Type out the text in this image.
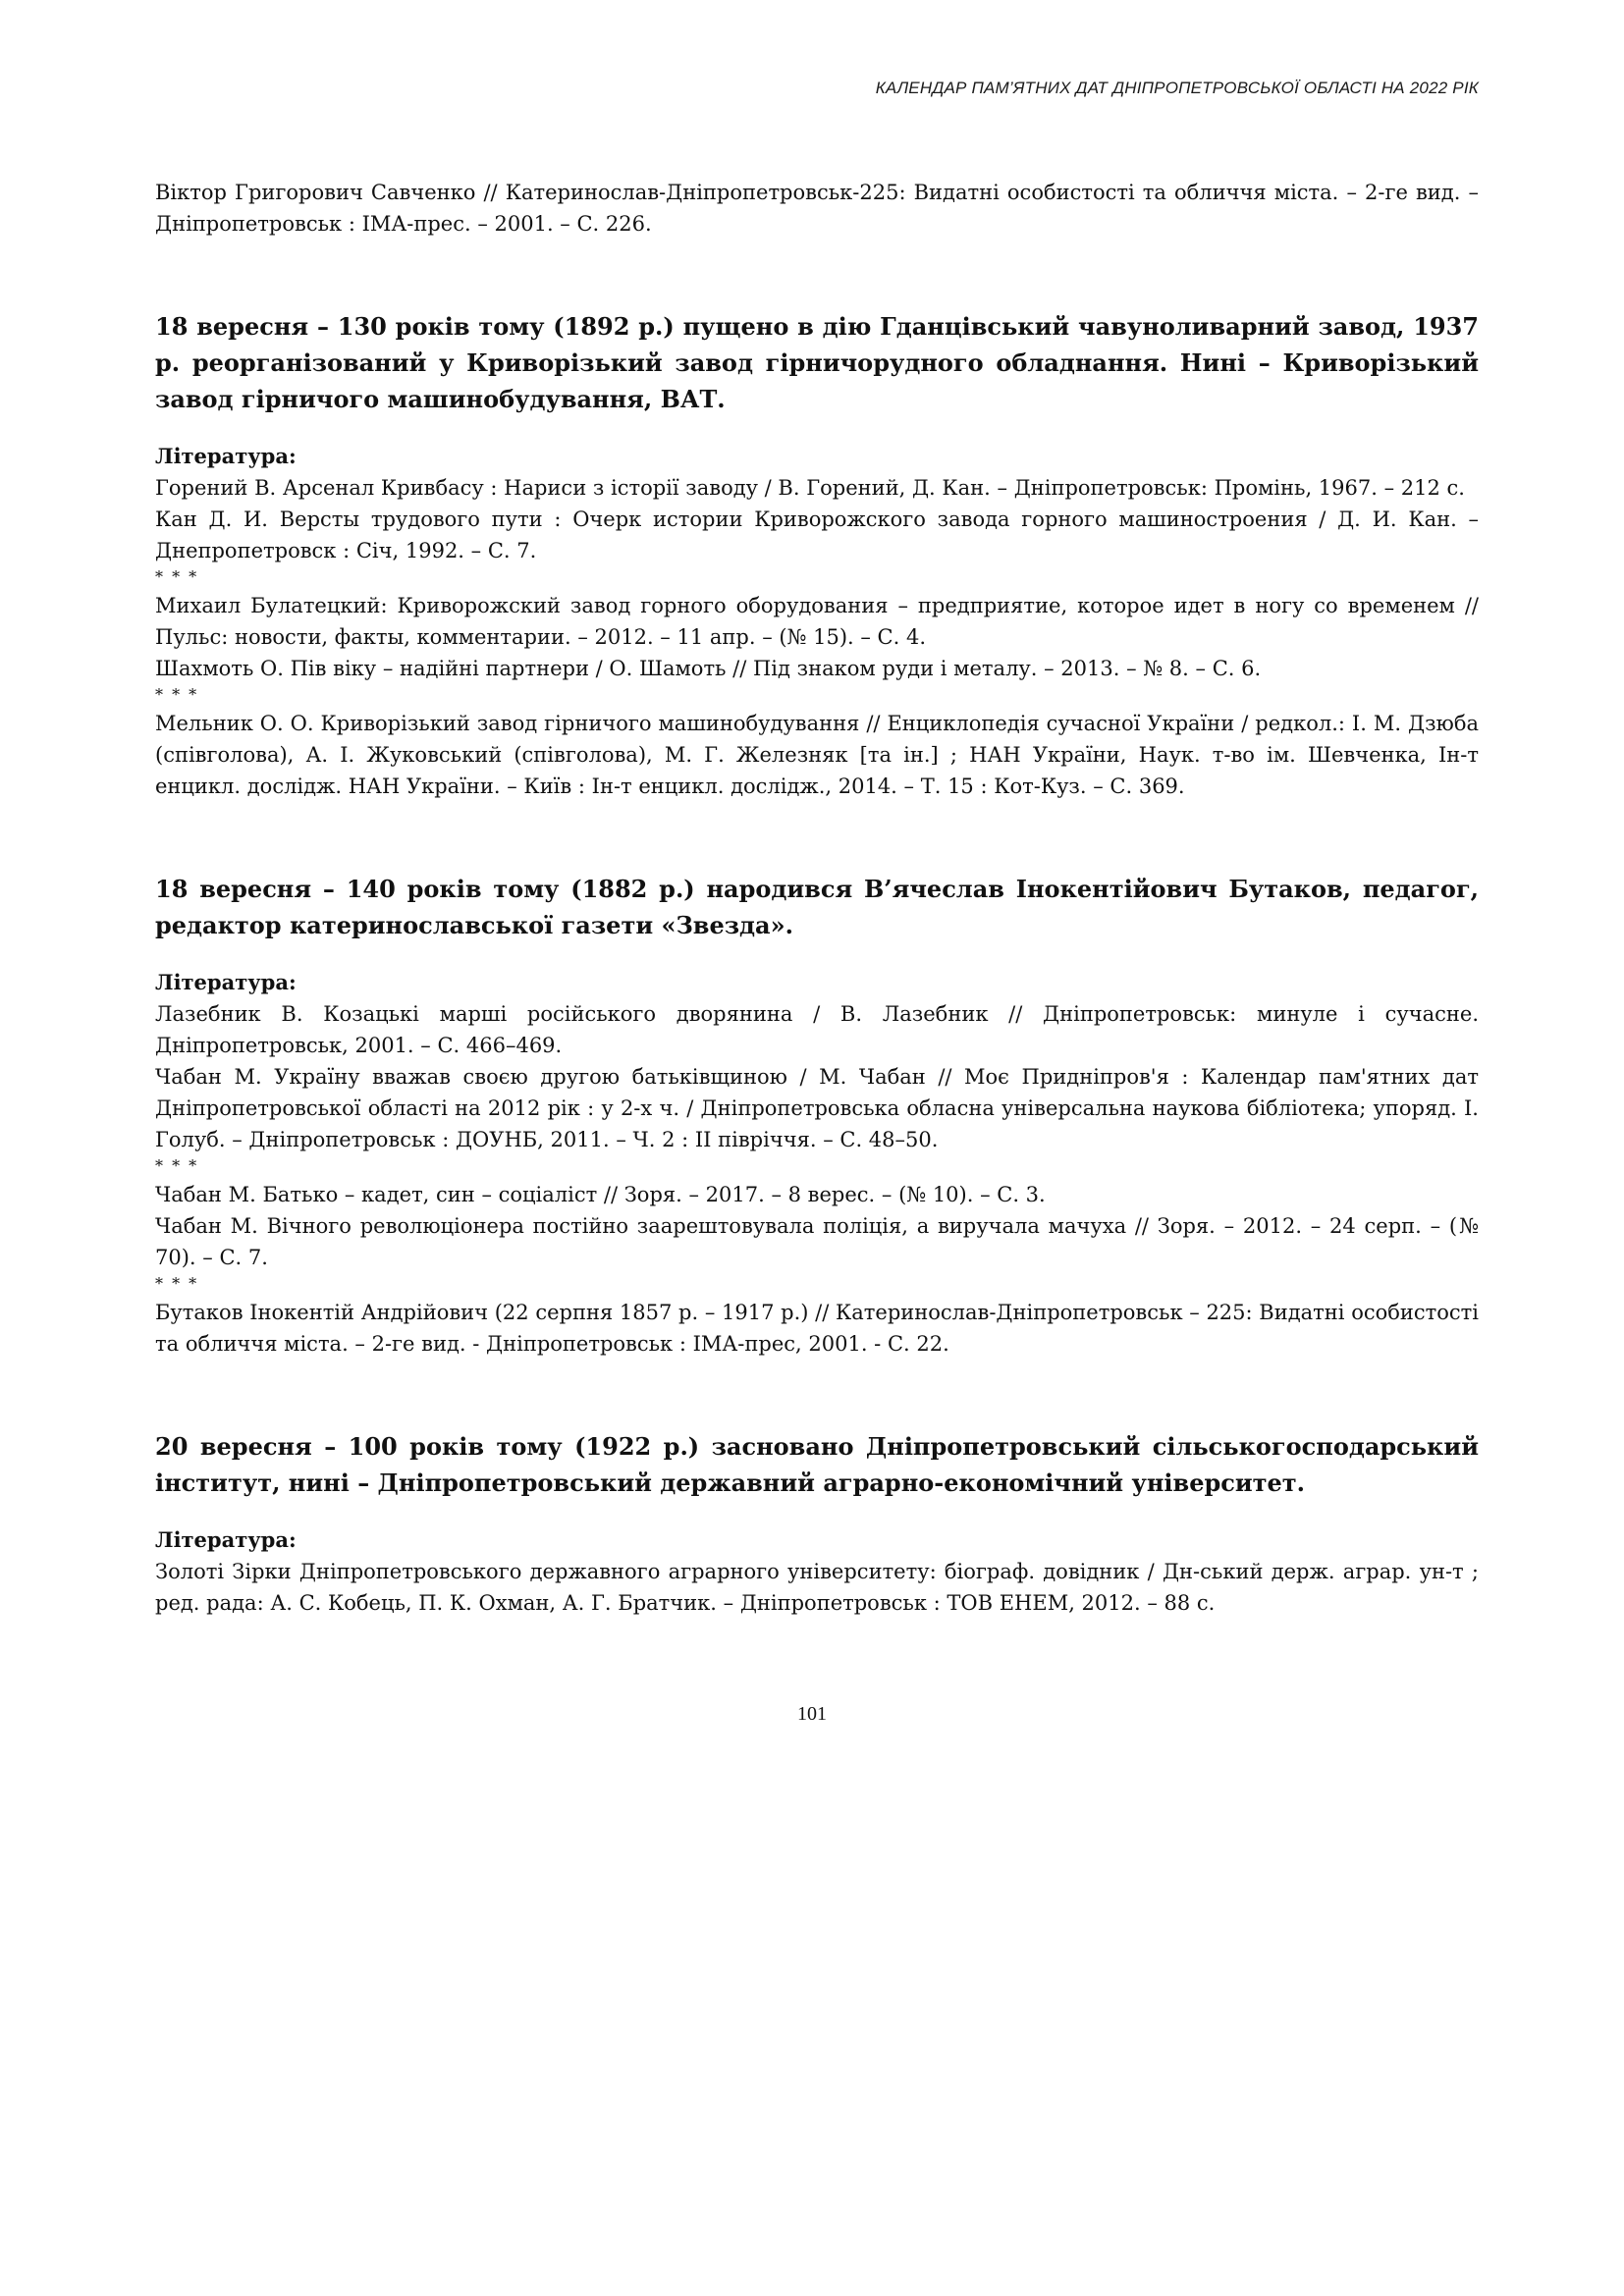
КАЛЕНДАР ПАМ’ЯТНИХ ДАТ ДНІПРОПЕТРОВСЬКОЇ ОБЛАСТІ НА 2022 РІК

Віктор Григорович Савченко // Катеринослав-Дніпропетровськ-225: Видатні особистості та обличчя міста. – 2-ге вид. – Дніпропетровськ : ІМА-прес. – 2001. – С. 226.

18 вересня – 130 років тому (1892 р.) пущено в дію Гданцівський чавуноливарний завод, 1937 р. реорганізований у Криворізький завод гірничорудного обладнання. Нині – Криворізький завод гірничого машинобудування, ВАТ.

Література:

Горений В. Арсенал Кривбасу : Нариси з історії заводу / В. Горений, Д. Кан. – Дніпропетровськ: Промінь, 1967. – 212 с.

Кан Д. И. Версты трудового пути : Очерк истории Криворожского завода горного машиностроения / Д. И. Кан. – Днепропетровск : Січ, 1992. – С. 7.

* * *

Михаил Булатецкий: Криворожский завод горного оборудования – предприятие, которое идет в ногу со временем // Пульс: новости, факты, комментарии. – 2012. – 11 апр. – (№ 15). – С. 4.

Шахмоть О. Пів віку – надійні партнери / О. Шамоть // Під знаком руди і металу. – 2013. – № 8. – С. 6.

* * *

Мельник О. О. Криворізький завод гірничого машинобудування // Енциклопедія сучасної України / редкол.: І. М. Дзюба (співголова), А. І. Жуковський (співголова), М. Г. Железняк [та ін.] ; НАН України, Наук. т-во ім. Шевченка, Ін-т енцикл. дослідж. НАН України. – Київ : Ін-т енцикл. дослідж., 2014. – Т. 15 : Кот-Куз. – С. 369.

18 вересня – 140 років тому (1882 р.) народився В’ячеслав Інокентійович Бутаков, педагог, редактор катеринославської газети «Звезда».

Література:

Лазебник В. Козацькі марші російського дворянина / В. Лазебник // Дніпропетровськ: минуле і сучасне. Дніпропетровськ, 2001. – С. 466–469.

Чабан М. Україну вважав своєю другою батьківщиною / М. Чабан // Моє Придніпров'я : Календар пам'ятних дат Дніпропетровської області на 2012 рік : у 2-х ч. / Дніпропетровська обласна універсальна наукова бібліотека; упоряд. І. Голуб. – Дніпропетровськ : ДОУНБ, 2011. – Ч. 2 : ІІ півріччя. – С. 48–50.

* * *

Чабан М. Батько – кадет, син – соціаліст // Зоря. – 2017. – 8 верес. – (№ 10). – С. 3.

Чабан М. Вічного революціонера постійно заарештовувала поліція, а виручала мачуха // Зоря. – 2012. – 24 серп. – (№ 70). – С. 7.

* * *

Бутаков Інокентій Андрійович (22 серпня 1857 р. – 1917 р.) // Катеринослав-Дніпропетровськ – 225: Видатні особистості та обличчя міста. – 2-ге вид. - Дніпропетровськ : ІМА-прес, 2001. - С. 22.

20 вересня – 100 років тому (1922 р.) засновано Дніпропетровський сільськогосподарський інститут, нині – Дніпропетровський державний аграрно-економічний університет.

Література:

Золоті Зірки Дніпропетровського державного аграрного університету: біограф. довідник / Дн-ський держ. аграр. ун-т ; ред. рада: А. С. Кобець, П. К. Охман, А. Г. Братчик. – Дніпропетровськ : ТОВ ЕНЕМ, 2012. – 88 с.

101
